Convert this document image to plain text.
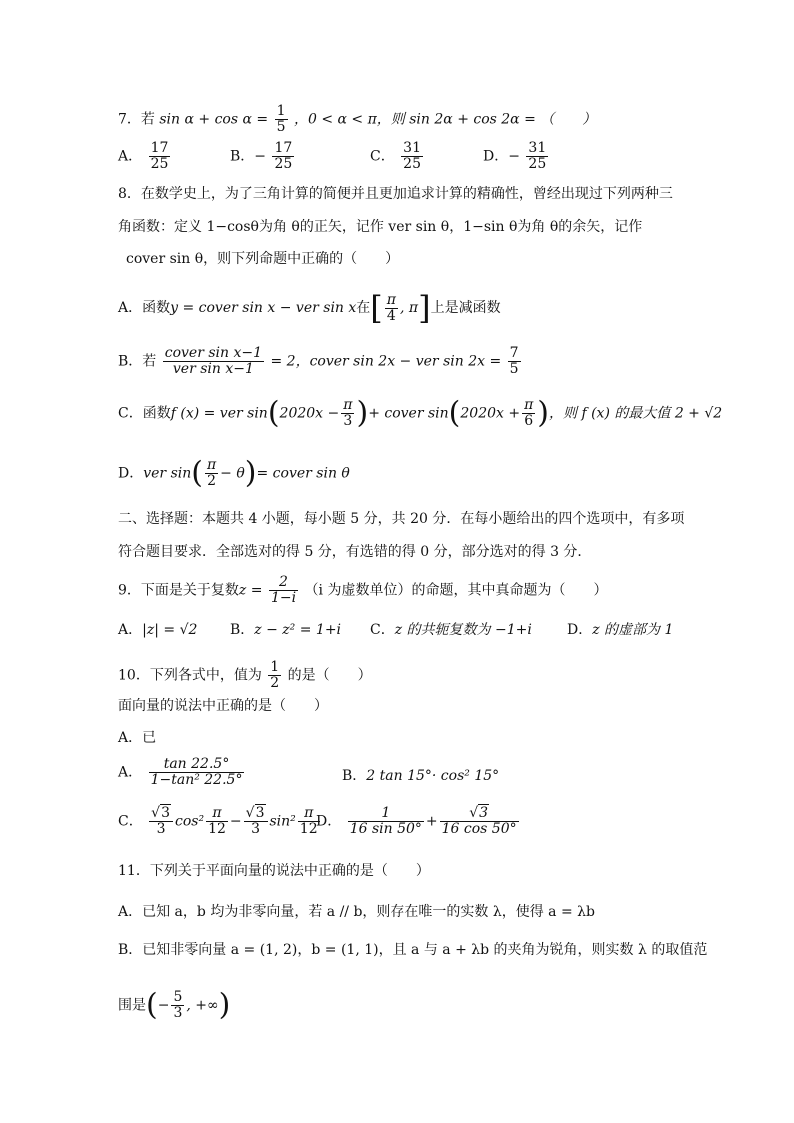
7．若 $\sin \alpha + \cos \alpha = \frac{1}{5}$ ，0 < α < π，则 sin 2α + cos 2α = （　　）
A． $\frac{17}{25}$	B．− $\frac{17}{25}$	C． $\frac{31}{25}$	D．− $\frac{31}{25}$
8．在数学史上，为了三角计算的简便并且更加追求计算的精确性，曾经出现过下列两种三
角函数：定义 1−cosθ为角 θ的正矢，记作 ver sin θ，1−sin θ为角 θ的余矢，记作
cover sin θ，则下列命题中正确的（　　）
A．函数y = cover sin x − ver sin x在[ $\frac{\pi}{4}$ , π]上是减函数
B．若 $\frac{\text{cover sin x−1}}{\text{ver sin x−1}} = 2$，cover sin 2x − ver $\sin 2x = \frac{7}{5}$
C．函数f (x) = ver $\sin(2020x - \frac{\pi}{3}$ )+ cover $\sin(2020x + \frac{\pi}{6}$ )，则 f (x) 的最大值 2 + √2
D．ver $\sin( \frac{\pi}{2} - \theta)=$ cover sin θ
二、选择题：本题共 4 小题，每小题 5 分，共 20 分．在每小题给出的四个选项中，有多项
符合题目要求．全部选对的得 5 分，有选错的得 0 分，部分选对的得 3 分．
9．下面是关于复数$z = \frac{2}{1-i} (i$ 为虚数单位）的命题，其中真命题为（　　）
A．|z| = √2 B．z − z² = 1+i C．z 的共轭复数为 −1+i	D．z 的虚部为 1
10．下列各式中，值为 $\frac{1}{2}$ 的是（　　）
面向量的说法中正确的是（　　）
A．已
A． $\frac{\tan 22.5^\circ}{\text{1−tan² 22.5°}}$	B．2 tan 15°· cos² 15°
C． $\frac{√3}{3} \cos^2 \frac{\pi}{12} - \frac{√3}{3} \sin^2 \frac{\pi}{12}$
D． $\frac{1}{16 \sin 50^\circ} + \frac{√3}{16 \cos 50^\circ}$
11．下列关于平面向量的说法中正确的是（　　）
A．已知 a，b 均为非零向量，若 a // b，则存在唯一的实数 λ，使得 a = λb
B．已知非零向量 a = (1, 2)，b = (1, 1)，且 a 与 a + λb 的夹角为锐角，则实数 λ 的取值范
围是(− $\frac{5}{3}$ , +∞)
